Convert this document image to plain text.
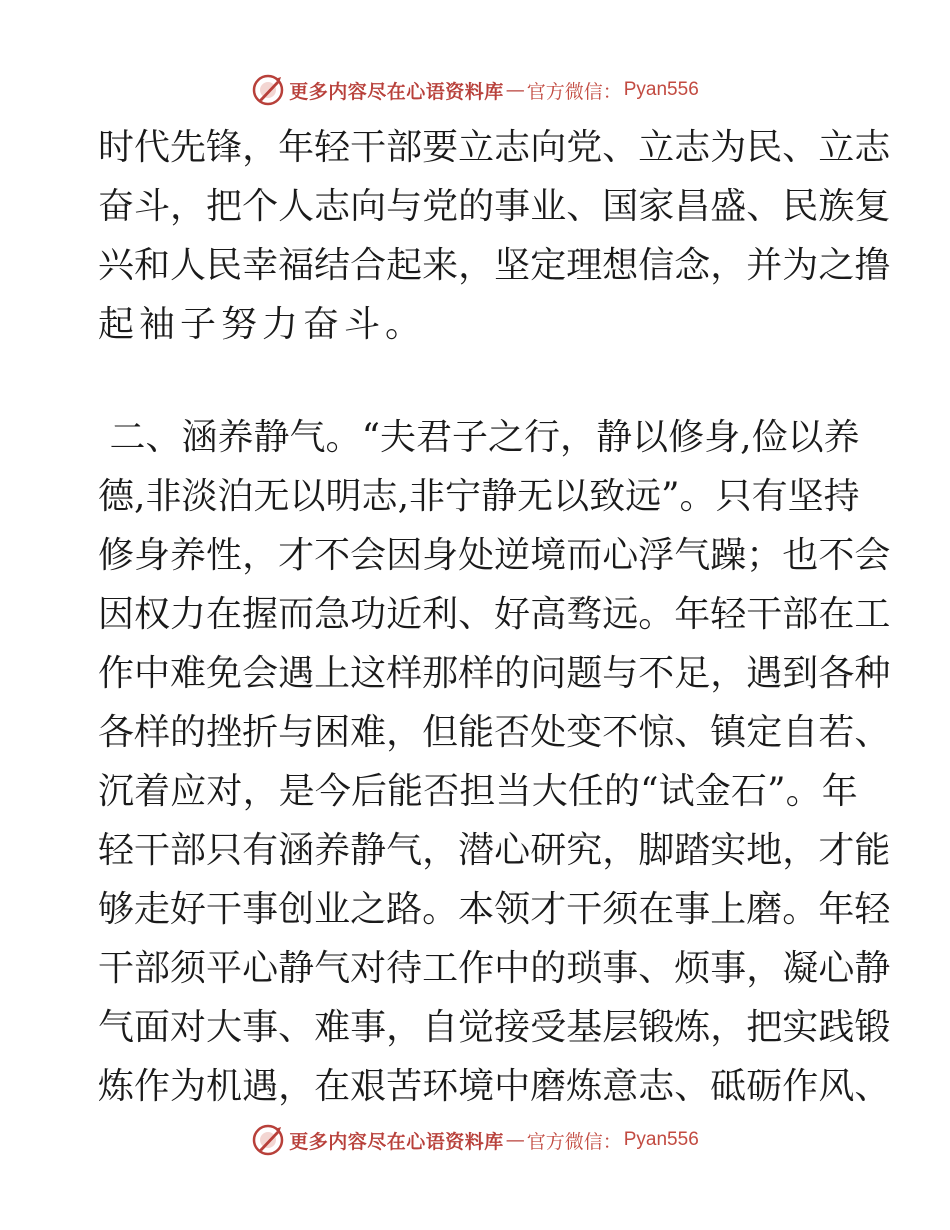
更多内容尽在心语资料库 — 官方微信： Pyan556
时 代 先 锋 ， 年 轻 干 部 要 立 志 向 党 、 立 志 为 民 、 立 志
奋 斗 ， 把 个 人 志 向 与 党 的 事 业 、 国 家 昌 盛 、 民 族 复
兴 和 人 民 幸 福 结 合 起 来 ， 坚 定 理 想 信 念 ， 并 为 之 撸
起袖子努力奋斗。

二 、 涵 养 静 气 。 “ 夫 君 子 之 行 ， 静 以 修 身 , 俭 以 养
德 , 非 淡 泊 无 以 明 志 , 非 宁 静 无 以 致 远 ” 。 只 有 坚 持
修 身 养 性 ， 才 不 会 因 身 处 逆 境 而 心 浮 气 躁 ； 也 不 会
因 权 力 在 握 而 急 功 近 利 、 好 高 骛 远 。 年 轻 干 部 在 工
作 中 难 免 会 遇 上 这 样 那 样 的 问 题 与 不 足 ， 遇 到 各 种
各 样 的 挫 折 与 困 难 ， 但 能 否 处 变 不 惊 、 镇 定 自 若 、
沉 着 应 对 ， 是 今 后 能 否 担 当 大 任 的 “ 试 金 石 ” 。 年
轻 干 部 只 有 涵 养 静 气 ， 潜 心 研 究 ， 脚 踏 实 地 ， 才 能
够 走 好 干 事 创 业 之 路 。 本 领 才 干 须 在 事 上 磨 。 年 轻
干 部 须 平 心 静 气 对 待 工 作 中 的 琐 事 、 烦 事 ， 凝 心 静
气 面 对 大 事 、 难 事 ， 自 觉 接 受 基 层 锻 炼 ， 把 实 践 锻
炼 作 为 机 遇 ， 在 艰 苦 环 境 中 磨 炼 意 志 、 砥 砺 作 风 、
更多内容尽在心语资料库 — 官方微信： Pyan556
